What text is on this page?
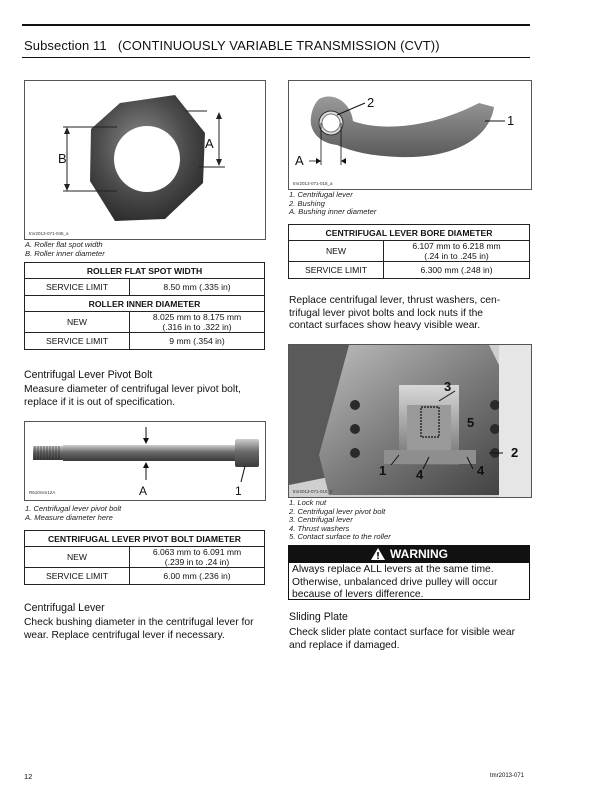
Subsection 11 (CONTINUOUSLY VARIABLE TRANSMISSION (CVT))
B
A
tmr2013-071-045_a
A. Roller flat spot width
B. Roller inner diameter
ROLLER FLAT SPOT WIDTH	
SERVICE LIMIT	8.50 mm (.335 in)
ROLLER INNER DIAMETER	
NEW	8.025 mm to 8.175 mm
(.316 in to .322 in)

SERVICE LIMIT	9 mm (.354 in)
Centrifugal Lever Pivot Bolt
Measure diameter of centrifugal lever pivot bolt,
replace if it is out of specification.
A	1
R610rsm12A
1. Centrifugal lever pivot bolt
A. Measure diameter here
CENTRIFUGAL LEVER PIVOT BOLT DIAMETER	
NEW	6.063 mm to 6.091 mm
(.239 in to .24 in)

SERVICE LIMIT	6.00 mm (.236 in)
Centrifugal Lever
Check bushing diameter in the centrifugal lever for
wear. Replace centrifugal lever if necessary.
2
1
A
tmr2013-071-018_a
1. Centrifugal lever
2. Bushing
A. Bushing inner diameter
CENTRIFUGAL LEVER BORE DIAMETER	
NEW	6.107 mm to 6.218 mm
(.24 in to .245 in)

SERVICE LIMIT	6.300 mm (.248 in)
Replace centrifugal lever, thrust washers, cen-
trifugal lever pivot bolts and lock nuts if the
contact surfaces show heavy visible wear.
3
5
2
1 4	4
tmr2013-071-019_b
1. Lock nut
2. Centrifugal lever pivot bolt
3. Centrifugal lever
4. Thrust washers
5. Contact surface to the roller
WARNING
Always replace ALL levers at the same time.
Otherwise, unbalanced drive pulley will occur
because of levers difference.
Sliding Plate
Check slider plate contact surface for visible wear
and replace if damaged.
12	tmr2013-071
